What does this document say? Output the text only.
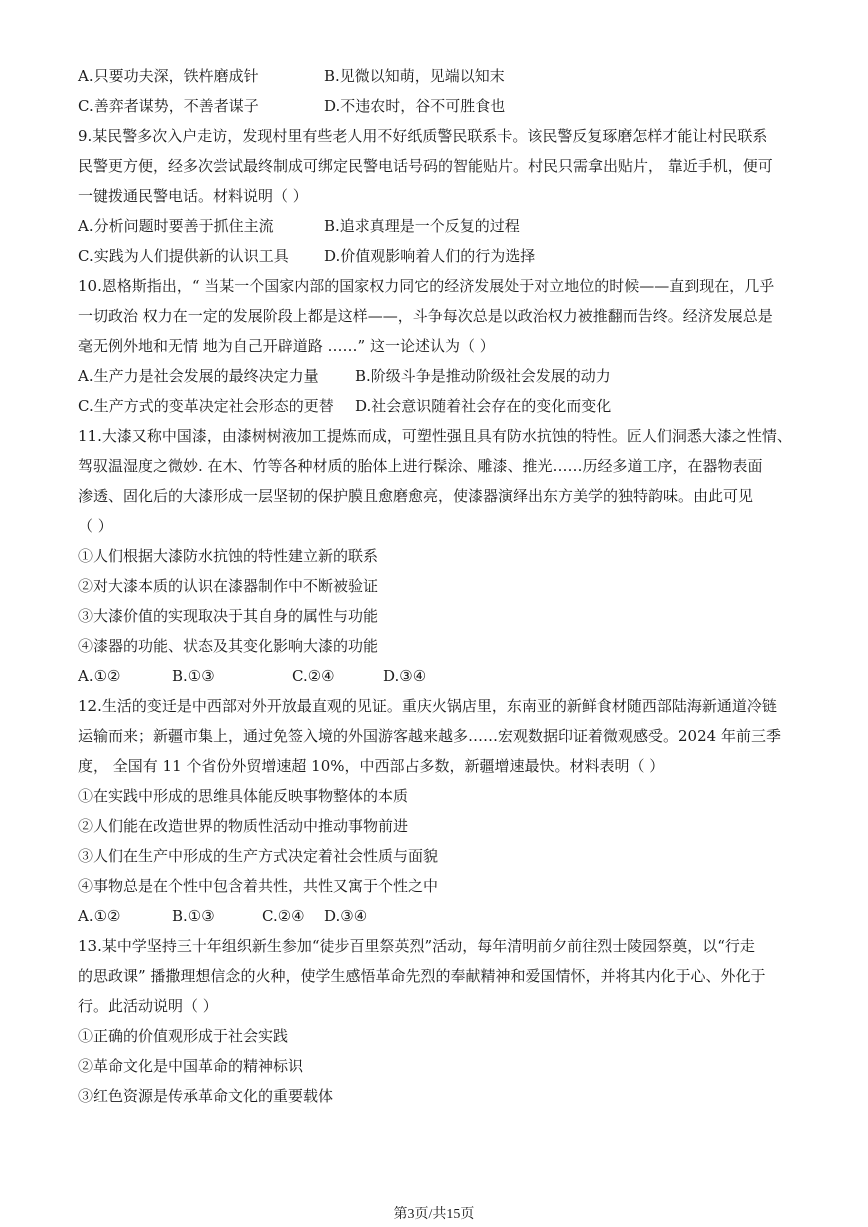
A.只要功夫深，铁杵磨成针	B.见微以知萌，见端以知末
C.善弈者谋势，不善者谋子	D.不违农时，谷不可胜食也
9.某民警多次入户走访，发现村里有些老人用不好纸质警民联系卡。该民警反复琢磨怎样才能让村民联系
民警更方便，经多次尝试最终制成可绑定民警电话号码的智能贴片。村民只需拿出贴片， 靠近手机，便可
一键拨通民警电话。材料说明（ ）
A.分析问题时要善于抓住主流	B.追求真理是一个反复的过程
C.实践为人们提供新的认识工具 D.价值观影响着人们的行为选择
10.恩格斯指出，“ 当某一个国家内部的国家权力同它的经济发展处于对立地位的时候——直到现在，几乎
一切政治 权力在一定的发展阶段上都是这样——，斗争每次总是以政治权力被推翻而告终。经济发展总是
毫无例外地和无情 地为自己开辟道路 ……” 这一论述认为（ ）
A.生产力是社会发展的最终决定力量 B.阶级斗争是推动阶级社会发展的动力
C.生产方式的变革决定社会形态的更替 D.社会意识随着社会存在的变化而变化
11.大漆又称中国漆，由漆树树液加工提炼而成，可塑性强且具有防水抗蚀的特性。匠人们洞悉大漆之性情、
驾驭温湿度之微妙. 在木、竹等各种材质的胎体上进行髹涂、雕漆、推光……历经多道工序，在器物表面
渗透、固化后的大漆形成一层坚韧的保护膜且愈磨愈亮，使漆器演绎出东方美学的独特韵味。由此可见
（ ）
①人们根据大漆防水抗蚀的特性建立新的联系
②对大漆本质的认识在漆器制作中不断被验证
③大漆价值的实现取决于其自身的属性与功能
④漆器的功能、状态及其变化影响大漆的功能
A.①②	B.①③	C.②④	D.③④
12.生活的变迁是中西部对外开放最直观的见证。重庆火锅店里，东南亚的新鲜食材随西部陆海新通道冷链
运输而来；新疆市集上，通过免签入境的外国游客越来越多……宏观数据印证着微观感受。2024 年前三季
度， 全国有 11 个省份外贸增速超 10%，中西部占多数，新疆增速最快。材料表明（ ）
①在实践中形成的思维具体能反映事物整体的本质
②人们能在改造世界的物质性活动中推动事物前进
③人们在生产中形成的生产方式决定着社会性质与面貌
④事物总是在个性中包含着共性，共性又寓于个性之中
A.①②	B.①③	C.②④ D.③④
13.某中学坚持三十年组织新生参加“徒步百里祭英烈”活动，每年清明前夕前往烈士陵园祭奠，以“行走
的思政课” 播撒理想信念的火种，使学生感悟革命先烈的奉献精神和爱国情怀，并将其内化于心、外化于
行。此活动说明（ ）
①正确的价值观形成于社会实践
②革命文化是中国革命的精神标识
③红色资源是传承革命文化的重要载体
第3页/共15页
